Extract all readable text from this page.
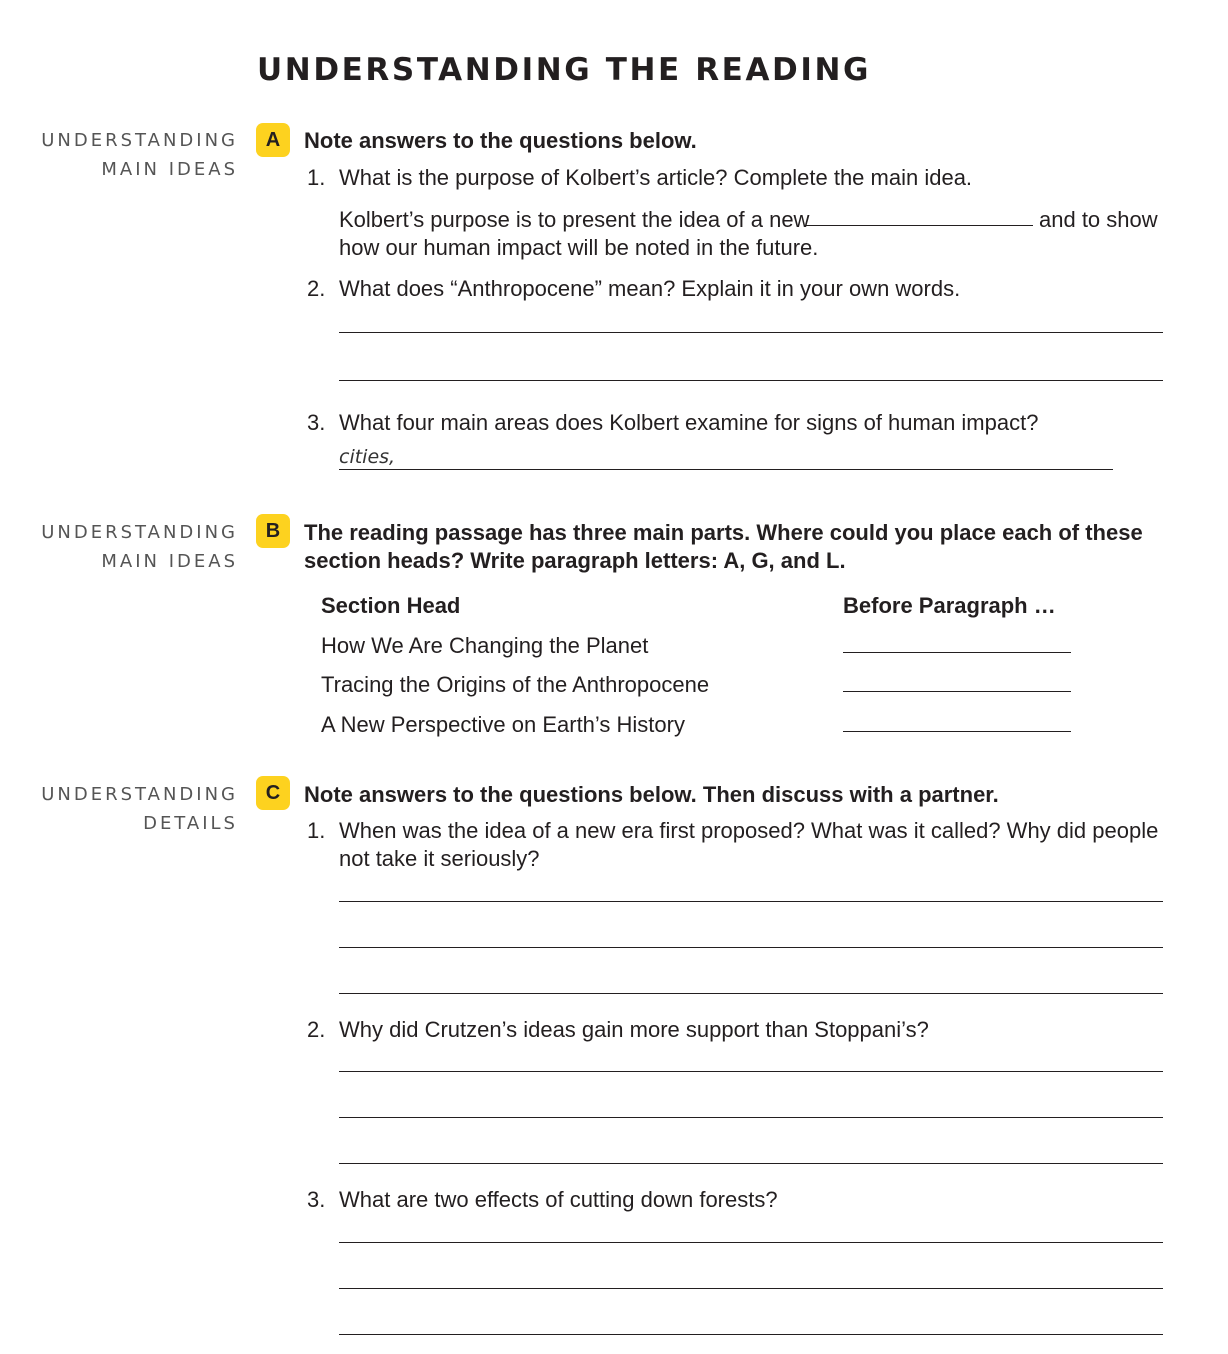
UNDERSTANDING THE READING
UNDERSTANDING
MAIN IDEAS
A	Note answers to the questions below.
1. What is the purpose of Kolbert’s article? Complete the main idea.
Kolbert’s purpose is to present the idea of a new	and to show
how our human impact will be noted in the future.
2. What does “Anthropocene” mean? Explain it in your own words.
3. What four main areas does Kolbert examine for signs of human impact?
cities,
UNDERSTANDING
MAIN IDEAS
B	The reading passage has three main parts. Where could you place each of these
section heads? Write paragraph letters: A, G, and L.
Section Head	Before Paragraph …
How We Are Changing the Planet
Tracing the Origins of the Anthropocene
A New Perspective on Earth’s History
UNDERSTANDING
DETAILS
C	Note answers to the questions below. Then discuss with a partner.
1. When was the idea of a new era first proposed? What was it called? Why did people
not take it seriously?
2. Why did Crutzen’s ideas gain more support than Stoppani’s?
3. What are two effects of cutting down forests?
